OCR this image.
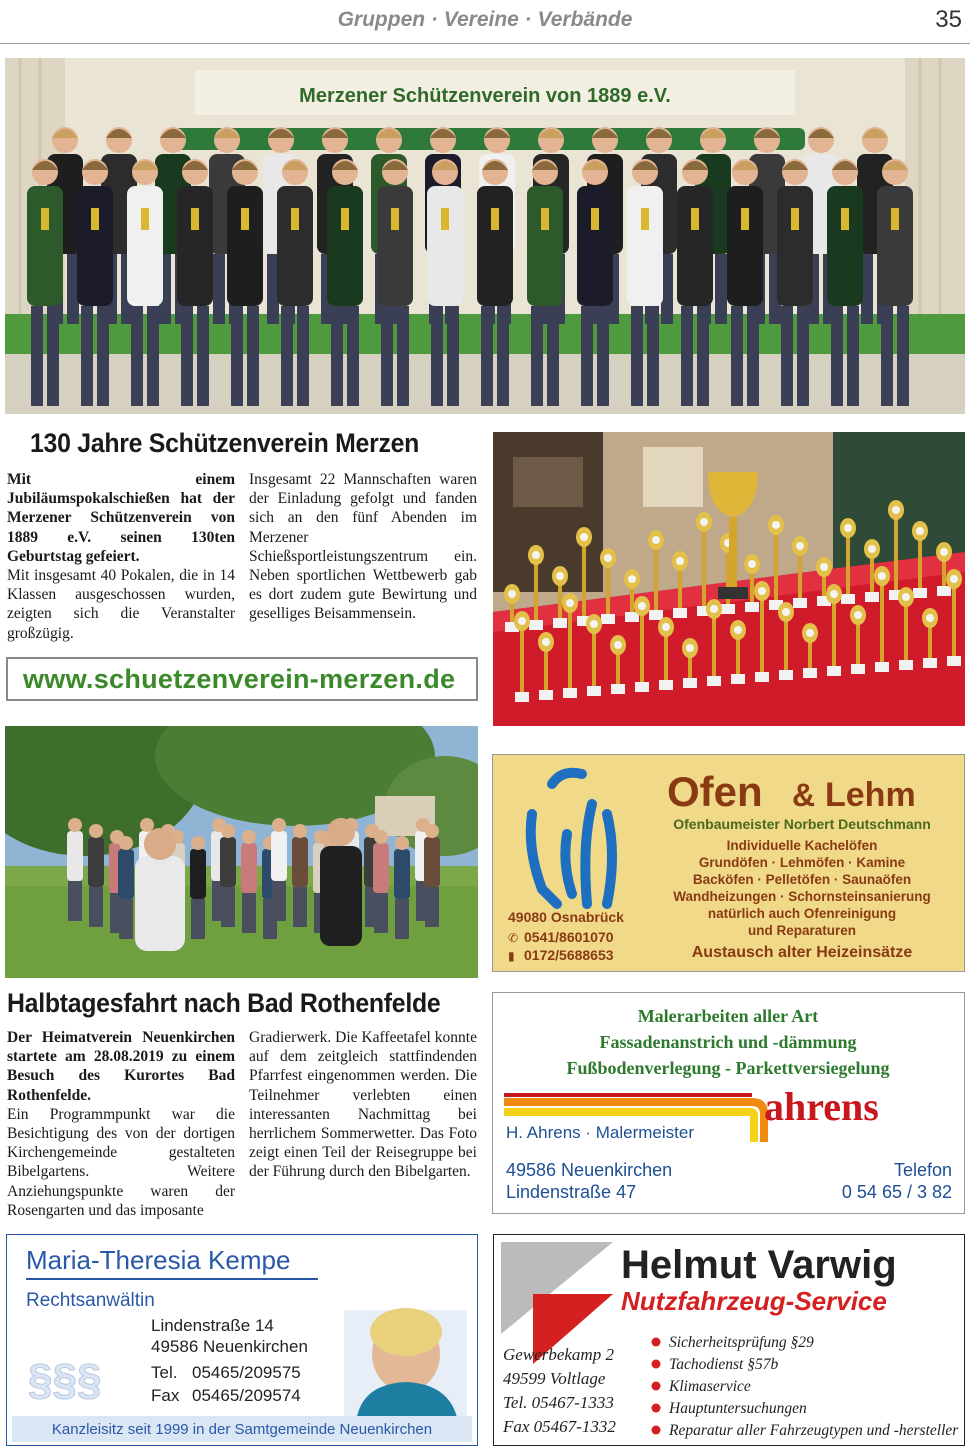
Gruppen · Vereine · Verbände	35
Merzener Schützenverein von 1889 e.V.
130 Jahre Schützenverein Merzen
Mit einem Jubiläumspokalschießen hat der Merzener Schützenverein von 1889 e.V. seinen 130ten Geburtstag gefeiert.
Mit insgesamt 40 Pokalen, die in 14 Klassen ausgeschossen wurden, zeigten sich die Veranstalter großzügig.
Insgesamt 22 Mannschaften waren der Einladung gefolgt und fanden sich an den fünf Abenden im Merzener Schießsportleistungszentrum ein. Neben sportlichen Wettbewerb gab es dort zudem gute Bewirtung und geselliges Beisammensein.
www.schuetzenverein-merzen.de
Halbtagesfahrt nach Bad Rothenfelde
Der Heimatverein Neuenkirchen startete am 28.08.2019 zu einem Besuch des Kurortes Bad Rothenfelde.
Ein Programmpunkt war die Besichtigung des von der dortigen Kirchengemeinde gestalteten Bibelgartens. Weitere Anziehungspunkte waren der Rosengarten und das imposante
Gradierwerk. Die Kaffeetafel konnte auf dem zeitgleich stattfindenden Pfarrfest eingenommen werden. Die Teilnehmer verlebten einen interessanten Nachmittag bei herrlichem Sommerwetter. Das Foto zeigt einen Teil der Reisegruppe bei der Führung durch den Bibelgarten.
Ofen & Lehm
Ofenbaumeister Norbert Deutschmann
Individuelle Kachelöfen
Grundöfen · Lehmöfen · Kamine
Backöfen · Pelletöfen · Saunaöfen
Wandheizungen · Schornsteinsanierung
natürlich auch Ofenreinigung
und Reparaturen
49080 Osnabrück
✆ 0541/8601070
▮ 0172/5688653	Austausch alter Heizeinsätze
Malerarbeiten aller Art
Fassadenanstrich und -dämmung
Fußbodenverlegung - Parkettversiegelung
ahrens
H. Ahrens · Malermeister
49586 Neuenkirchen
Lindenstraße 47
Telefon
0 54 65 / 3 82
Maria-Theresia Kempe
Rechtsanwältin
Lindenstraße 14
49586 Neuenkirchen
Tel. 05465/209575
Fax 05465/209574
§§§
Kanzleisitz seit 1999 in der Samtgemeinde Neuenkirchen
Helmut Varwig
Nutzfahrzeug-Service
Gewerbekamp 2
49599 Voltlage
Tel. 05467-1333
Fax 05467-1332
Sicherheitsprüfung §29
Tachodienst §57b
Klimaservice
Hauptuntersuchungen
Reparatur aller Fahrzeugtypen und -hersteller
